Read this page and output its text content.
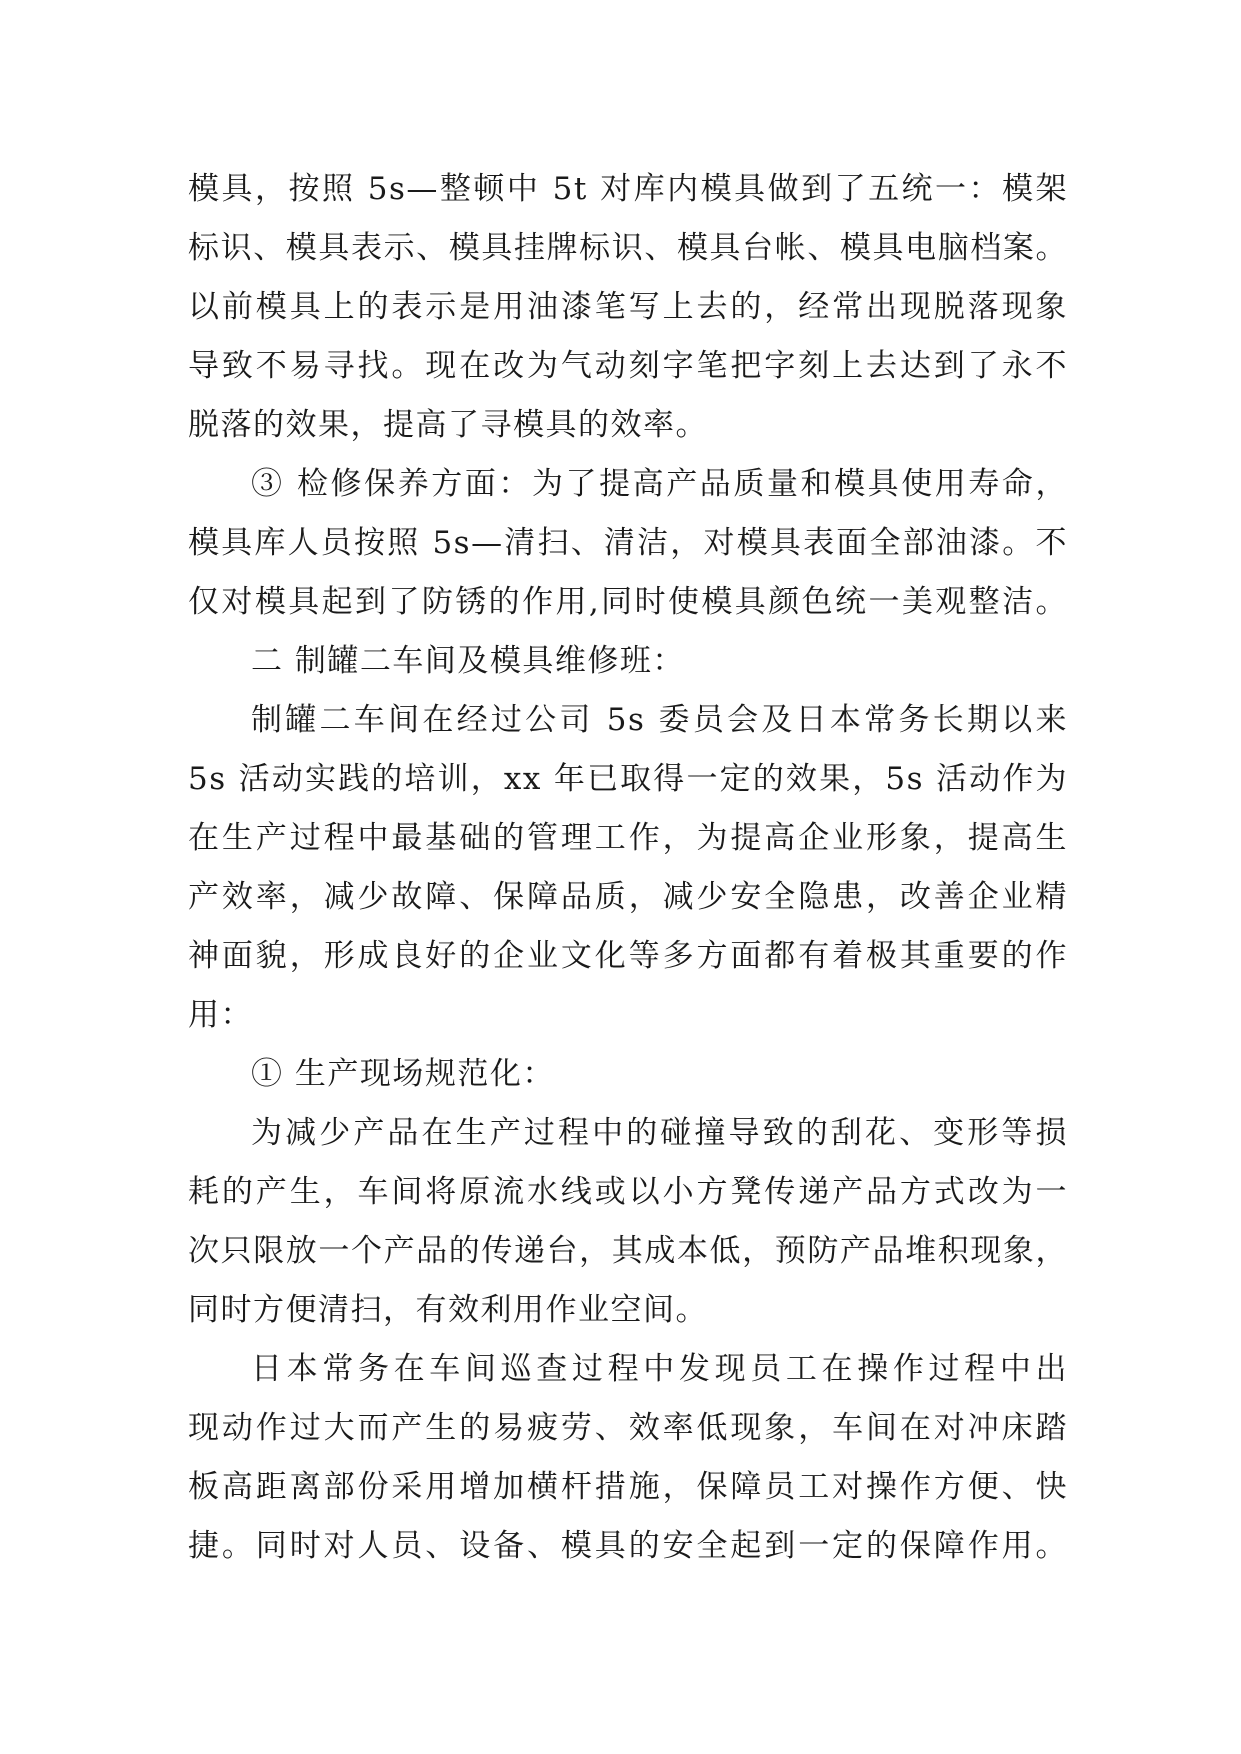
模具，按照 5s—整顿中 5t 对库内模具做到了五统一：模架
标识、模具表示、模具挂牌标识、模具台帐、模具电脑档案。
以前模具上的表示是用油漆笔写上去的，经常出现脱落现象
导致不易寻找。现在改为气动刻字笔把字刻上去达到了永不
脱落的效果，提高了寻模具的效率。
③ 检修保养方面：为了提高产品质量和模具使用寿命，
模具库人员按照 5s—清扫、清洁，对模具表面全部油漆。不
仅对模具起到了防锈的作用,同时使模具颜色统一美观整洁。
二 制罐二车间及模具维修班：
制罐二车间在经过公司 5s 委员会及日本常务长期以来
5s 活动实践的培训，xx 年已取得一定的效果，5s 活动作为
在生产过程中最基础的管理工作，为提高企业形象，提高生
产效率，减少故障、保障品质，减少安全隐患，改善企业精
神面貌，形成良好的企业文化等多方面都有着极其重要的作
用：
① 生产现场规范化：
为减少产品在生产过程中的碰撞导致的刮花、变形等损
耗的产生，车间将原流水线或以小方凳传递产品方式改为一
次只限放一个产品的传递台，其成本低，预防产品堆积现象，
同时方便清扫，有效利用作业空间。
日本常务在车间巡查过程中发现员工在操作过程中出
现动作过大而产生的易疲劳、效率低现象，车间在对冲床踏
板高距离部份采用增加横杆措施，保障员工对操作方便、快
捷。同时对人员、设备、模具的安全起到一定的保障作用。
